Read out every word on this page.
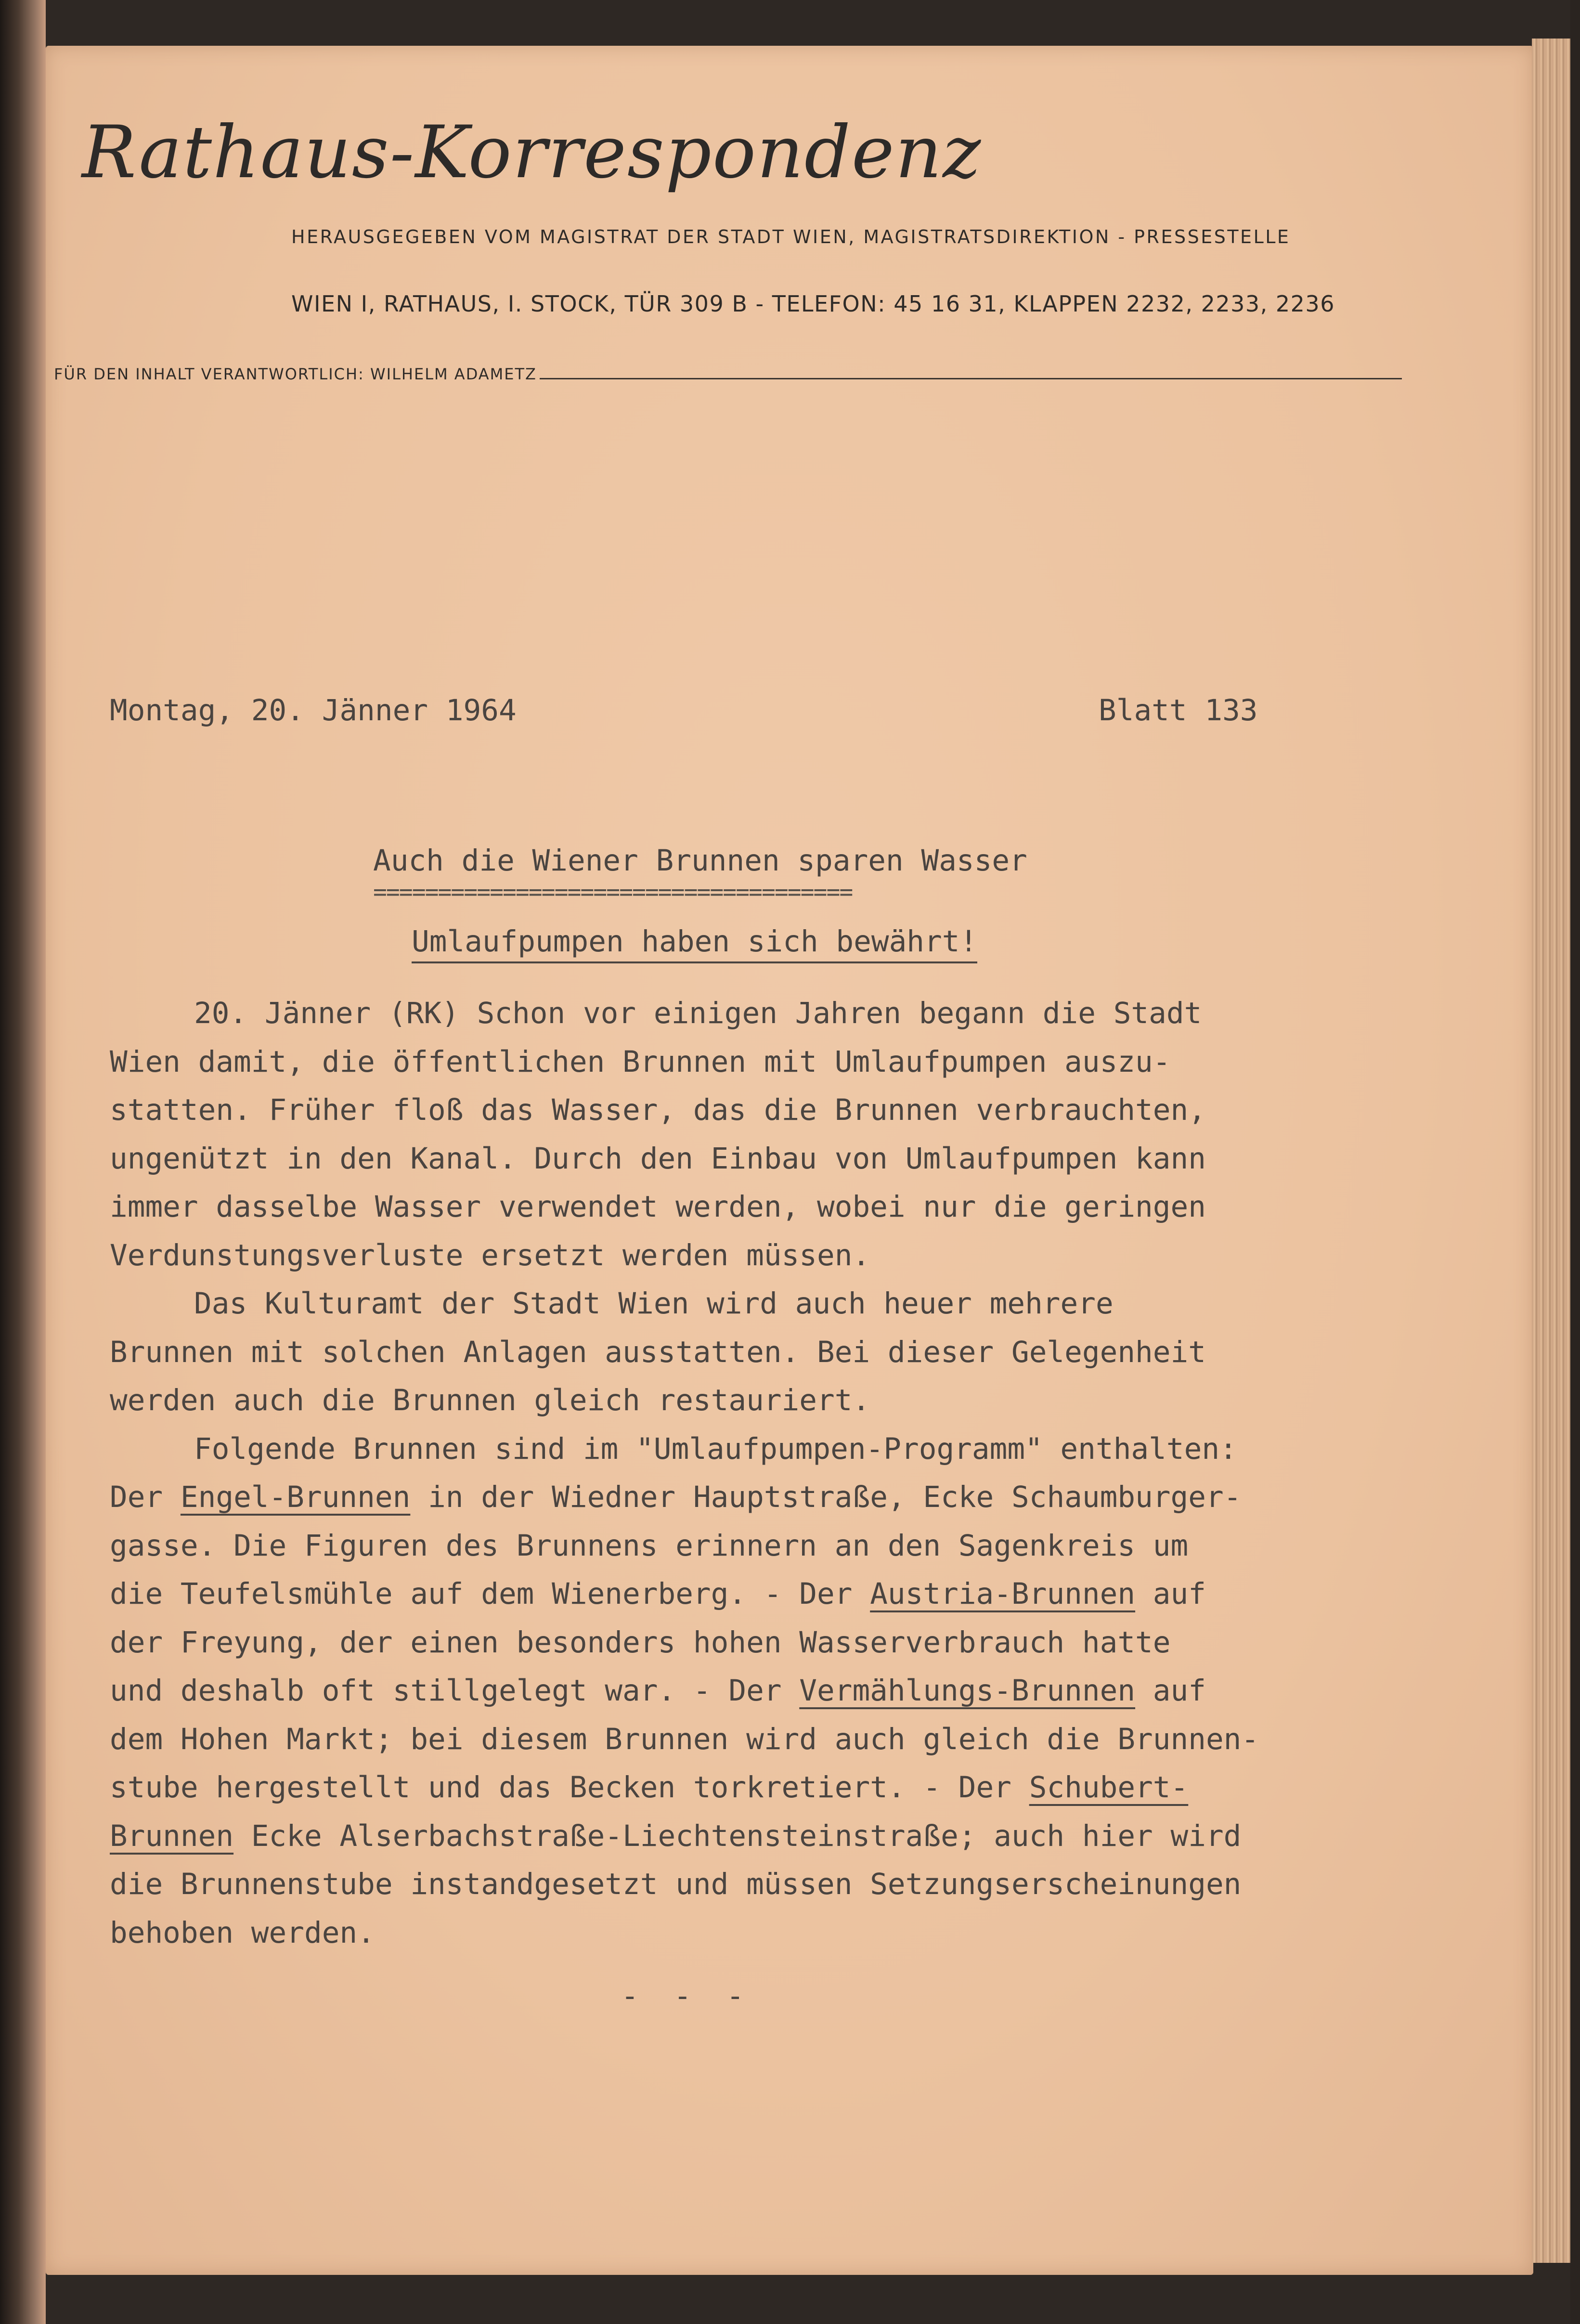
Rathaus-Korrespondenz
HERAUSGEGEBEN VOM MAGISTRAT DER STADT WIEN, MAGISTRATSDIREKTION - PRESSESTELLE
WIEN I, RATHAUS, I. STOCK, TÜR 309 B - TELEFON: 45 16 31, KLAPPEN 2232, 2233, 2236
FÜR DEN INHALT VERANTWORTLICH: WILHELM ADAMETZ
Montag, 20. Jänner 1964	Blatt 133
Auch die Wiener Brunnen sparen Wasser
=====================================
Umlaufpumpen haben sich bewährt!
20. Jänner (RK) Schon vor einigen Jahren begann die Stadt
Wien damit, die öffentlichen Brunnen mit Umlaufpumpen auszu-
statten. Früher floß das Wasser, das die Brunnen verbrauchten,
ungenützt in den Kanal. Durch den Einbau von Umlaufpumpen kann
immer dasselbe Wasser verwendet werden, wobei nur die geringen
Verdunstungsverluste ersetzt werden müssen.
Das Kulturamt der Stadt Wien wird auch heuer mehrere
Brunnen mit solchen Anlagen ausstatten. Bei dieser Gelegenheit
werden auch die Brunnen gleich restauriert.
Folgende Brunnen sind im "Umlaufpumpen-Programm" enthalten:
Der Engel-Brunnen in der Wiedner Hauptstraße, Ecke Schaumburger-
gasse. Die Figuren des Brunnens erinnern an den Sagenkreis um
die Teufelsmühle auf dem Wienerberg. - Der Austria-Brunnen auf
der Freyung, der einen besonders hohen Wasserverbrauch hatte
und deshalb oft stillgelegt war. - Der Vermählungs-Brunnen auf
dem Hohen Markt; bei diesem Brunnen wird auch gleich die Brunnen-
stube hergestellt und das Becken torkretiert. - Der Schubert-
Brunnen Ecke Alserbachstraße-Liechtensteinstraße; auch hier wird
die Brunnenstube instandgesetzt und müssen Setzungserscheinungen
behoben werden.
- - -
